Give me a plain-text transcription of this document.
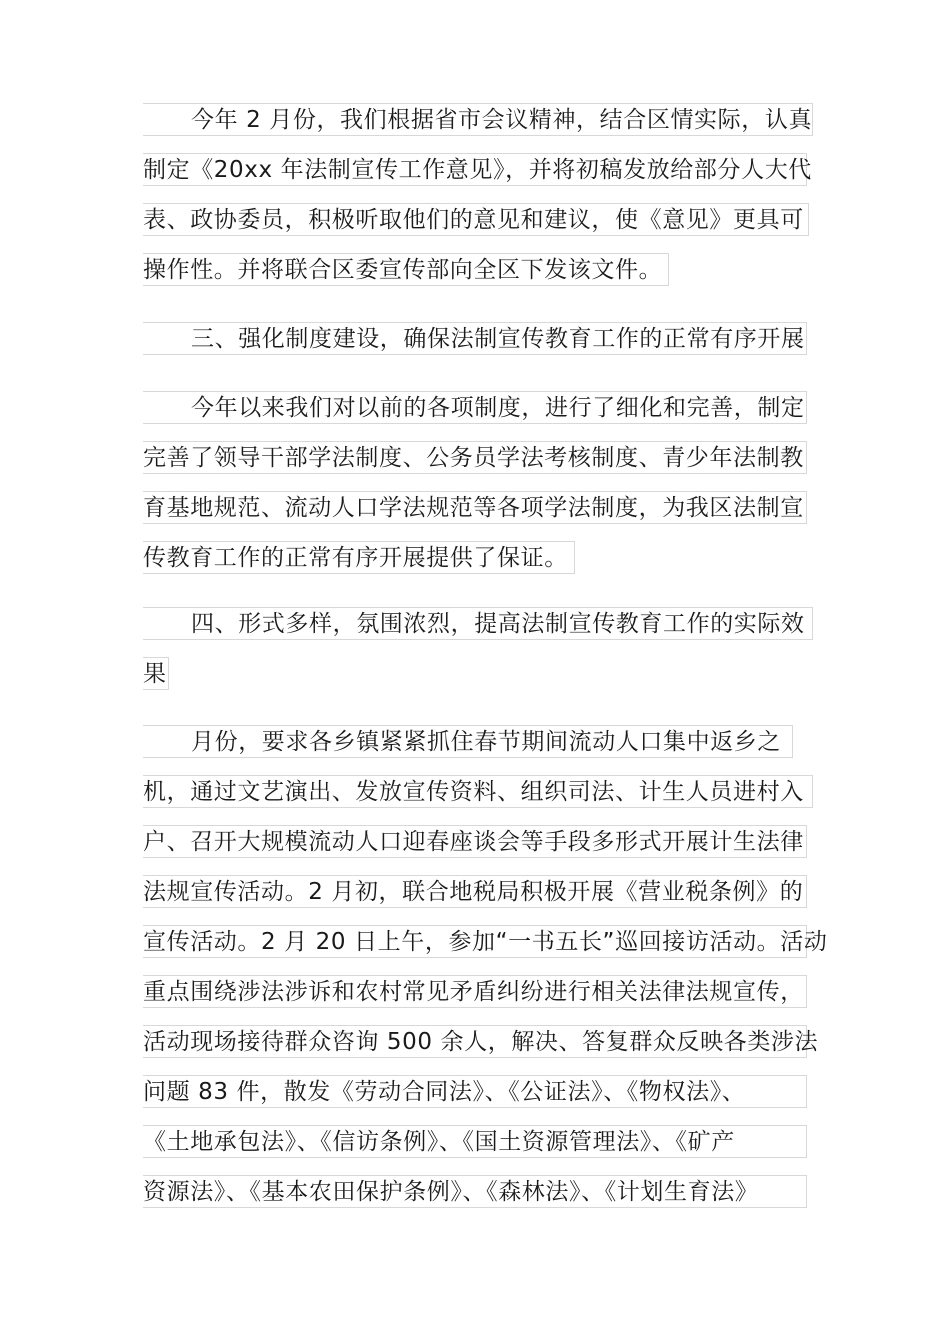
今年 2 月份，我们根据省市会议精神，结合区情实际，认真
制定《20xx 年法制宣传工作意见》，并将初稿发放给部分人大代
表、政协委员，积极听取他们的意见和建议，使《意见》更具可
操作性。并将联合区委宣传部向全区下发该文件。
三、强化制度建设，确保法制宣传教育工作的正常有序开展
今年以来我们对以前的各项制度，进行了细化和完善，制定
完善了领导干部学法制度、公务员学法考核制度、青少年法制教
育基地规范、流动人口学法规范等各项学法制度，为我区法制宣
传教育工作的正常有序开展提供了保证。
四、形式多样，氛围浓烈，提高法制宣传教育工作的实际效
果
月份，要求各乡镇紧紧抓住春节期间流动人口集中返乡之
机，通过文艺演出、发放宣传资料、组织司法、计生人员进村入
户、召开大规模流动人口迎春座谈会等手段多形式开展计生法律
法规宣传活动。2 月初，联合地税局积极开展《营业税条例》的
宣传活动。2 月 20 日上午，参加“一书五长”巡回接访活动。活动
重点围绕涉法涉诉和农村常见矛盾纠纷进行相关法律法规宣传，
活动现场接待群众咨询 500 余人，解决、答复群众反映各类涉法
问题 83 件，散发《劳动合同法》、《公证法》、《物权法》、
《土地承包法》、《信访条例》、《国土资源管理法》、《矿产
资源法》、《基本农田保护条例》、《森林法》、《计划生育法》
